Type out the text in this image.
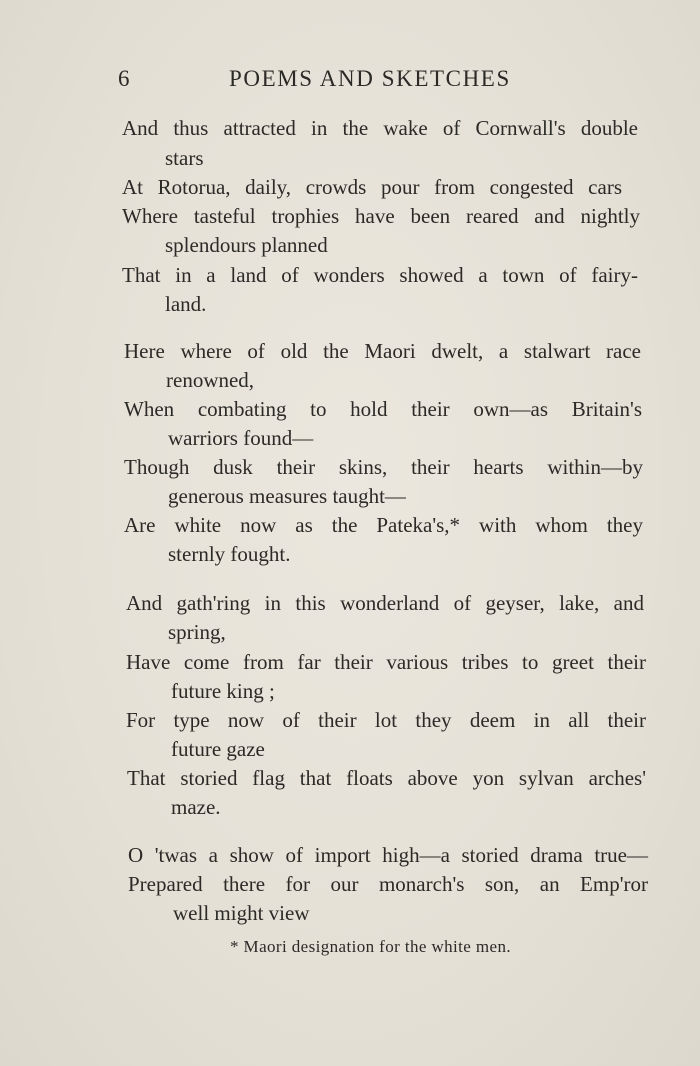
6	POEMS AND SKETCHES
And thus attracted in the wake of Cornwall's double
stars
At Rotorua, daily, crowds pour from congested cars
Where tasteful trophies have been reared and nightly
splendours planned
That in a land of wonders showed a town of fairy-
land.
Here where of old the Maori dwelt, a stalwart race
renowned,
When combating to hold their own—as Britain's
warriors found—
Though dusk their skins, their hearts within—by
generous measures taught—
Are white now as the Pateka's,* with whom they
sternly fought.
And gath'ring in this wonderland of geyser, lake, and
spring,
Have come from far their various tribes to greet their
future king ;
For type now of their lot they deem in all their
future gaze
That storied flag that floats above yon sylvan arches'
maze.
O 'twas a show of import high—a storied drama true—
Prepared there for our monarch's son, an Emp'ror
well might view
* Maori designation for the white men.
